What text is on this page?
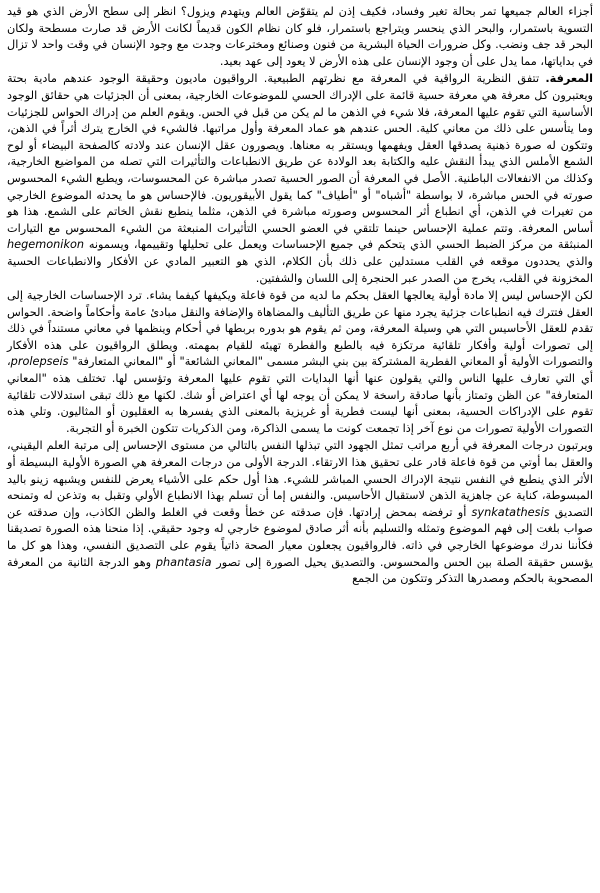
أجزاء العالم جميعها تمر بحالة تغير وفساد، فكيف إذن لم يتقوّض العالم ويتهدم ويزول؟ انظر إلى سطح الأرض الذي هو قيد التسوية باستمرار، والبحر الذي ينحسر ويتراجع باستمرار، فلو كان نظام الكون قديماً لكانت الأرض قد صارت مسطحة ولكان البحر قد جف ونضب. وكل ضرورات الحياة البشرية من فنون وصنائع ومخترعات وجدت مع وجود الإنسان في وقت واحد لا تزال في بداياتها، مما يدل على أن وجود الإنسان على هذه الأرض لا يعود إلى عهد بعيد.

المعرفة. تتفق النظرية الرواقية في المعرفة مع نظرتهم الطبيعية. الرواقيون ماديون وحقيقة الوجود عندهم مادية بحتة ويعتبرون كل معرفة هي معرفة حسية قائمة على الإدراك الحسي للموضوعات الخارجية، بمعنى أن الجزئيات هي حقائق الوجود الأساسية التي تقوم عليها المعرفة، فلا شيء في الذهن ما لم يكن من قبل في الحس. ويقوم العلم من إدراك الحواس للجزئيات وما يتأسس على ذلك من معاني كلية. الحس عندهم هو عماد المعرفة وأول مراتبها. فالشيء في الخارج يترك أثراً في الذهن، وتتكون له صورة ذهنية يصدقها العقل ويفهمها ويستقر به معناها. ويصورون عقل الإنسان عند ولادته كالصفحة البيضاء أو لوح الشمع الأملس الذي يبدأ النقش عليه والكتابة بعد الولادة عن طريق الانطباعات والتأثيرات التي تصله من المواضيع الخارجية، وكذلك من الانفعالات الباطنية. الأصل في المعرفة أن الصور الحسية تصدر مباشرة عن المحسوسات، ويطبع الشيء المحسوس صورته في الحس مباشرة، لا بواسطة "أشباه" أو "أطياف" كما يقول الأبيقوريون. فالإحساس هو ما يحدثه الموضوع الخارجي من تغيرات في الذهن، أي انطباع أثر المحسوس وصورته مباشرة في الذهن، مثلما ينطبع نقش الخاتم على الشمع. هذا هو أساس المعرفة. وتتم عملية الإحساس حينما تلتقي في العضو الحسي التأثيرات المنبعثة من الشيء المحسوس مع التيارات المنبثقة من مركز الضبط الحسي الذي يتحكم في جميع الإحساسات ويعمل على تحليلها وتقييمها، ويسمونه hegemonikon والذي يحددون موقعه في القلب مستدلين على ذلك بأن الكلام، الذي هو التعبير المادي عن الأفكار والانطباعات الحسية المخزونة في القلب، يخرج من الصدر عبر الحنجرة إلى اللسان والشفتين.

لكن الإحساس ليس إلا مادة أولية يعالجها العقل بحكم ما لديه من قوة فاعلة ويكيفها كيفما يشاء. ترد الإحساسات الخارجية إلى العقل فتترك فيه انطباعات جزئية يجرد منها عن طريق التأليف والمضاهاة والإضافة والنقل مبادئ عامة وأحكاماً واضحة. الحواس تقدم للعقل الأحاسيس التي هي وسيلة المعرفة، ومن ثم يقوم هو بدوره بربطها في أحكام وينظمها في معاني مستنداً في ذلك إلى تصورات أولية وأفكار تلقائية مرتكزة فيه بالطبع والفطرة تهيئه للقيام بمهمته. ويطلق الرواقيون على هذه الأفكار والتصورات الأولية أو المعاني الفطرية المشتركة بين بني البشر مسمى "المعاني الشائعة" أو "المعاني المتعارفة" prolepseis، أي التي تعارف عليها الناس والتي يقولون عنها أنها البدايات التي تقوم عليها المعرفة وتؤسس لها. تختلف هذه "المعاني المتعارفة" عن الظن وتمتاز بأنها صادقة راسخة لا يمكن أن يوجه لها أي اعتراض أو شك. لكنها مع ذلك تبقى استدلالات تلقائية تقوم على الإدراكات الحسية، بمعنى أنها ليست فطرية أو غريزية بالمعنى الذي يفسرها به العقليون أو المثاليون. وتلي هذه التصورات الأولية تصورات من نوع آخر إذا تجمعت كونت ما يسمى الذاكرة، ومن الذكريات تتكون الخبرة أو التجربة.

ويرتبون درجات المعرفة في أربع مراتب تمثل الجهود التي تبذلها النفس بالتالي من مستوى الإحساس إلى مرتبة العلم اليقيني، والعقل بما أوتي من قوة فاعلة قادر على تحقيق هذا الارتقاء. الدرجة الأولى من درجات المعرفة هي الصورة الأولية البسيطة أو الأثر الذي ينطبع في النفس نتيجة الإدراك الحسي المباشر للشيء. هذا أول حكم على الأشياء يعرض للنفس ويشبهه زينو باليد المبسوطة، كناية عن جاهزية الذهن لاستقبال الأحاسيس. والنفس إما أن تسلم بهذا الانطباع الأولي وتقبل به وتذعن له وتمنحه التصديق synkatathesis أو ترفضه بمحض إرادتها. فإن صدقته عن خطأ وقعت في الغلط والظن الكاذب، وإن صدقته عن صواب بلغت إلى فهم الموضوع وتمثله والتسليم بأنه أثر صادق لموضوع خارجي له وجود حقيقي. إذا منحنا هذه الصورة تصديقنا فكأننا ندرك موضوعها الخارجي في ذاته. فالرواقيون يجعلون معيار الصحة ذاتياً يقوم على التصديق النفسي، وهذا هو كل ما يؤسس حقيقة الصلة بين الحس والمحسوس. والتصديق يحيل الصورة إلى تصور phantasia وهو الدرجة الثانية من المعرفة المصحوبة بالحكم ومصدرها التذكر وتتكون من الجمع
